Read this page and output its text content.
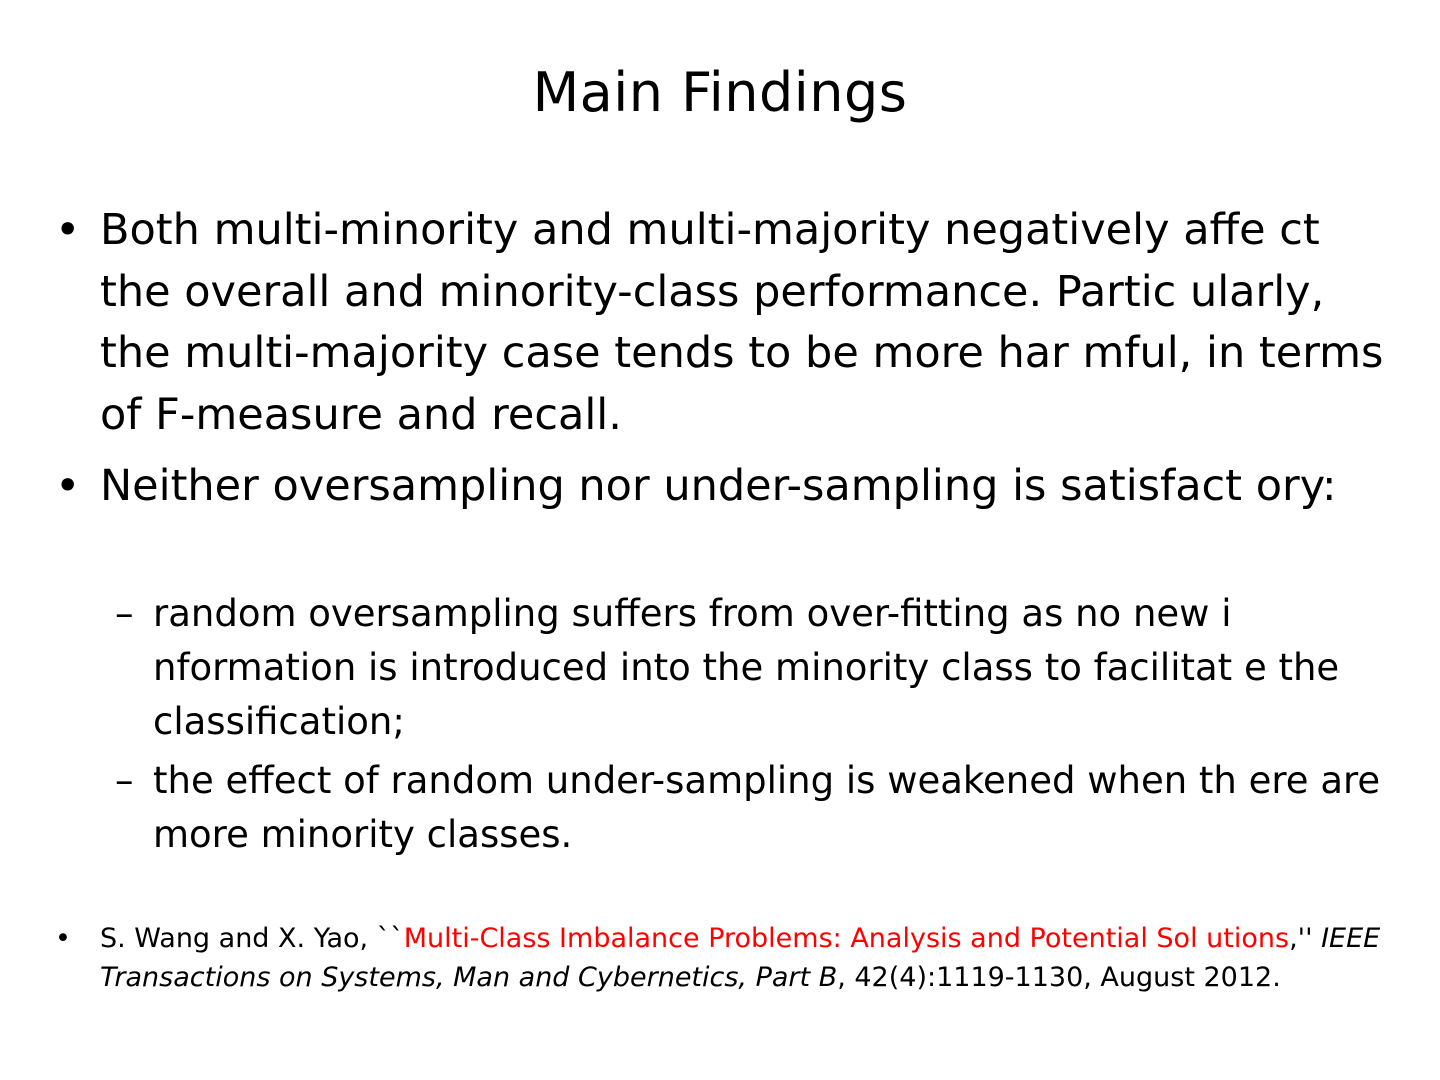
Main Findings
• Both multi-minority and multi-majority negatively affe ct the overall and minority-class performance. Partic ularly, the multi-majority case tends to be more har mful, in terms of F-measure and recall.
• Neither oversampling nor under-sampling is satisfact ory:
– random oversampling suffers from over-fitting as no new i nformation is introduced into the minority class to facilitat e the classification;
– the effect of random under-sampling is weakened when th ere are more minority classes.
• S. Wang and X. Yao, ``Multi-Class Imbalance Problems: Analysis and Potential Sol utions,'' IEEE Transactions on Systems, Man and Cybernetics, Part B, 42(4):1119-1130, August 2012.
